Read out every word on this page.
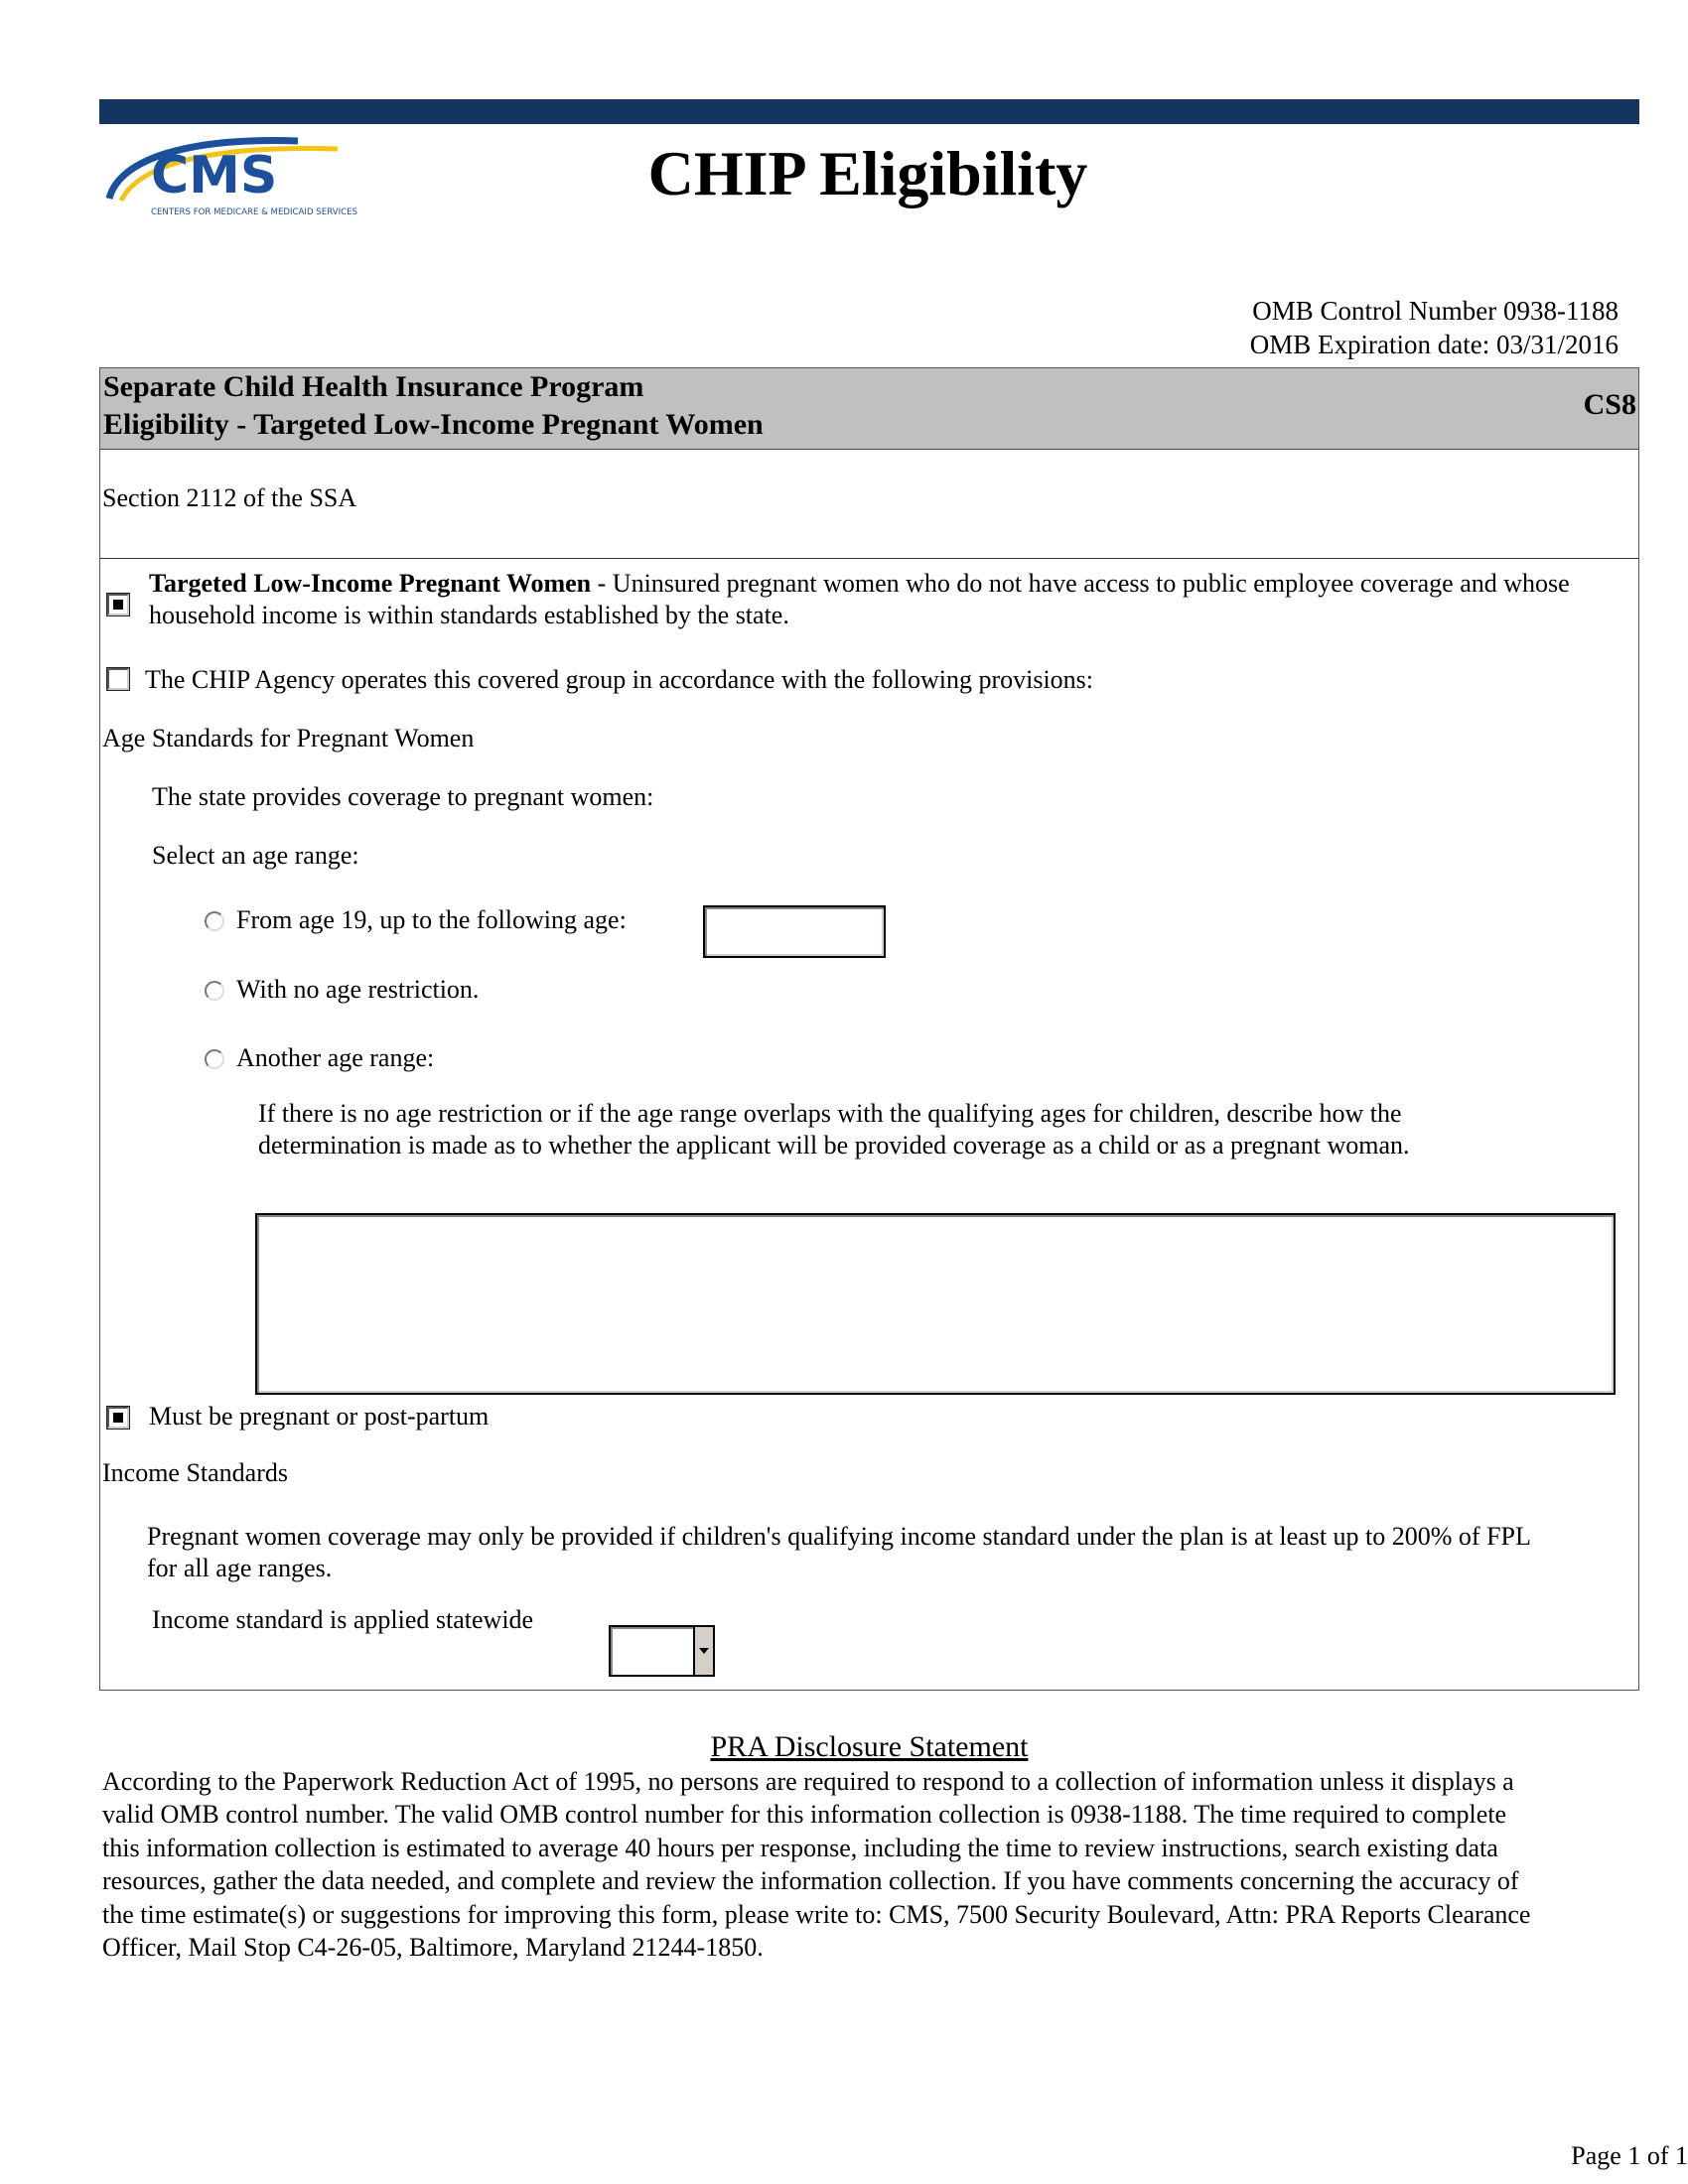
CMS
CENTERS FOR MEDICARE & MEDICAID SERVICES
CHIP Eligibility
OMB Control Number 0938-1188
OMB Expiration date: 03/31/2016
Separate Child Health Insurance Program
Eligibility - Targeted Low-Income Pregnant Women
CS8
Section 2112 of the SSA
Targeted Low-Income Pregnant Women - Uninsured pregnant women who do not have access to public employee coverage and whose household income is within standards established by the state.
The CHIP Agency operates this covered group in accordance with the following provisions:
Age Standards for Pregnant Women
The state provides coverage to pregnant women:
Select an age range:
From age 19, up to the following age:
With no age restriction.
Another age range:
If there is no age restriction or if the age range overlaps with the qualifying ages for children, describe how the
determination is made as to whether the applicant will be provided coverage as a child or as a pregnant woman.
Must be pregnant or post-partum
Income Standards
Pregnant women coverage may only be provided if children's qualifying income standard under the plan is at least up to 200% of FPL
for all age ranges.
Income standard is applied statewide
PRA Disclosure Statement
According to the Paperwork Reduction Act of 1995, no persons are required to respond to a collection of information unless it displays a
valid OMB control number. The valid OMB control number for this information collection is 0938-1188. The time required to complete
this information collection is estimated to average 40 hours per response, including the time to review instructions, search existing data
resources, gather the data needed, and complete and review the information collection. If you have comments concerning the accuracy of
the time estimate(s) or suggestions for improving this form, please write to: CMS, 7500 Security Boulevard, Attn: PRA Reports Clearance
Officer, Mail Stop C4-26-05, Baltimore, Maryland 21244-1850.
Page 1 of 1
